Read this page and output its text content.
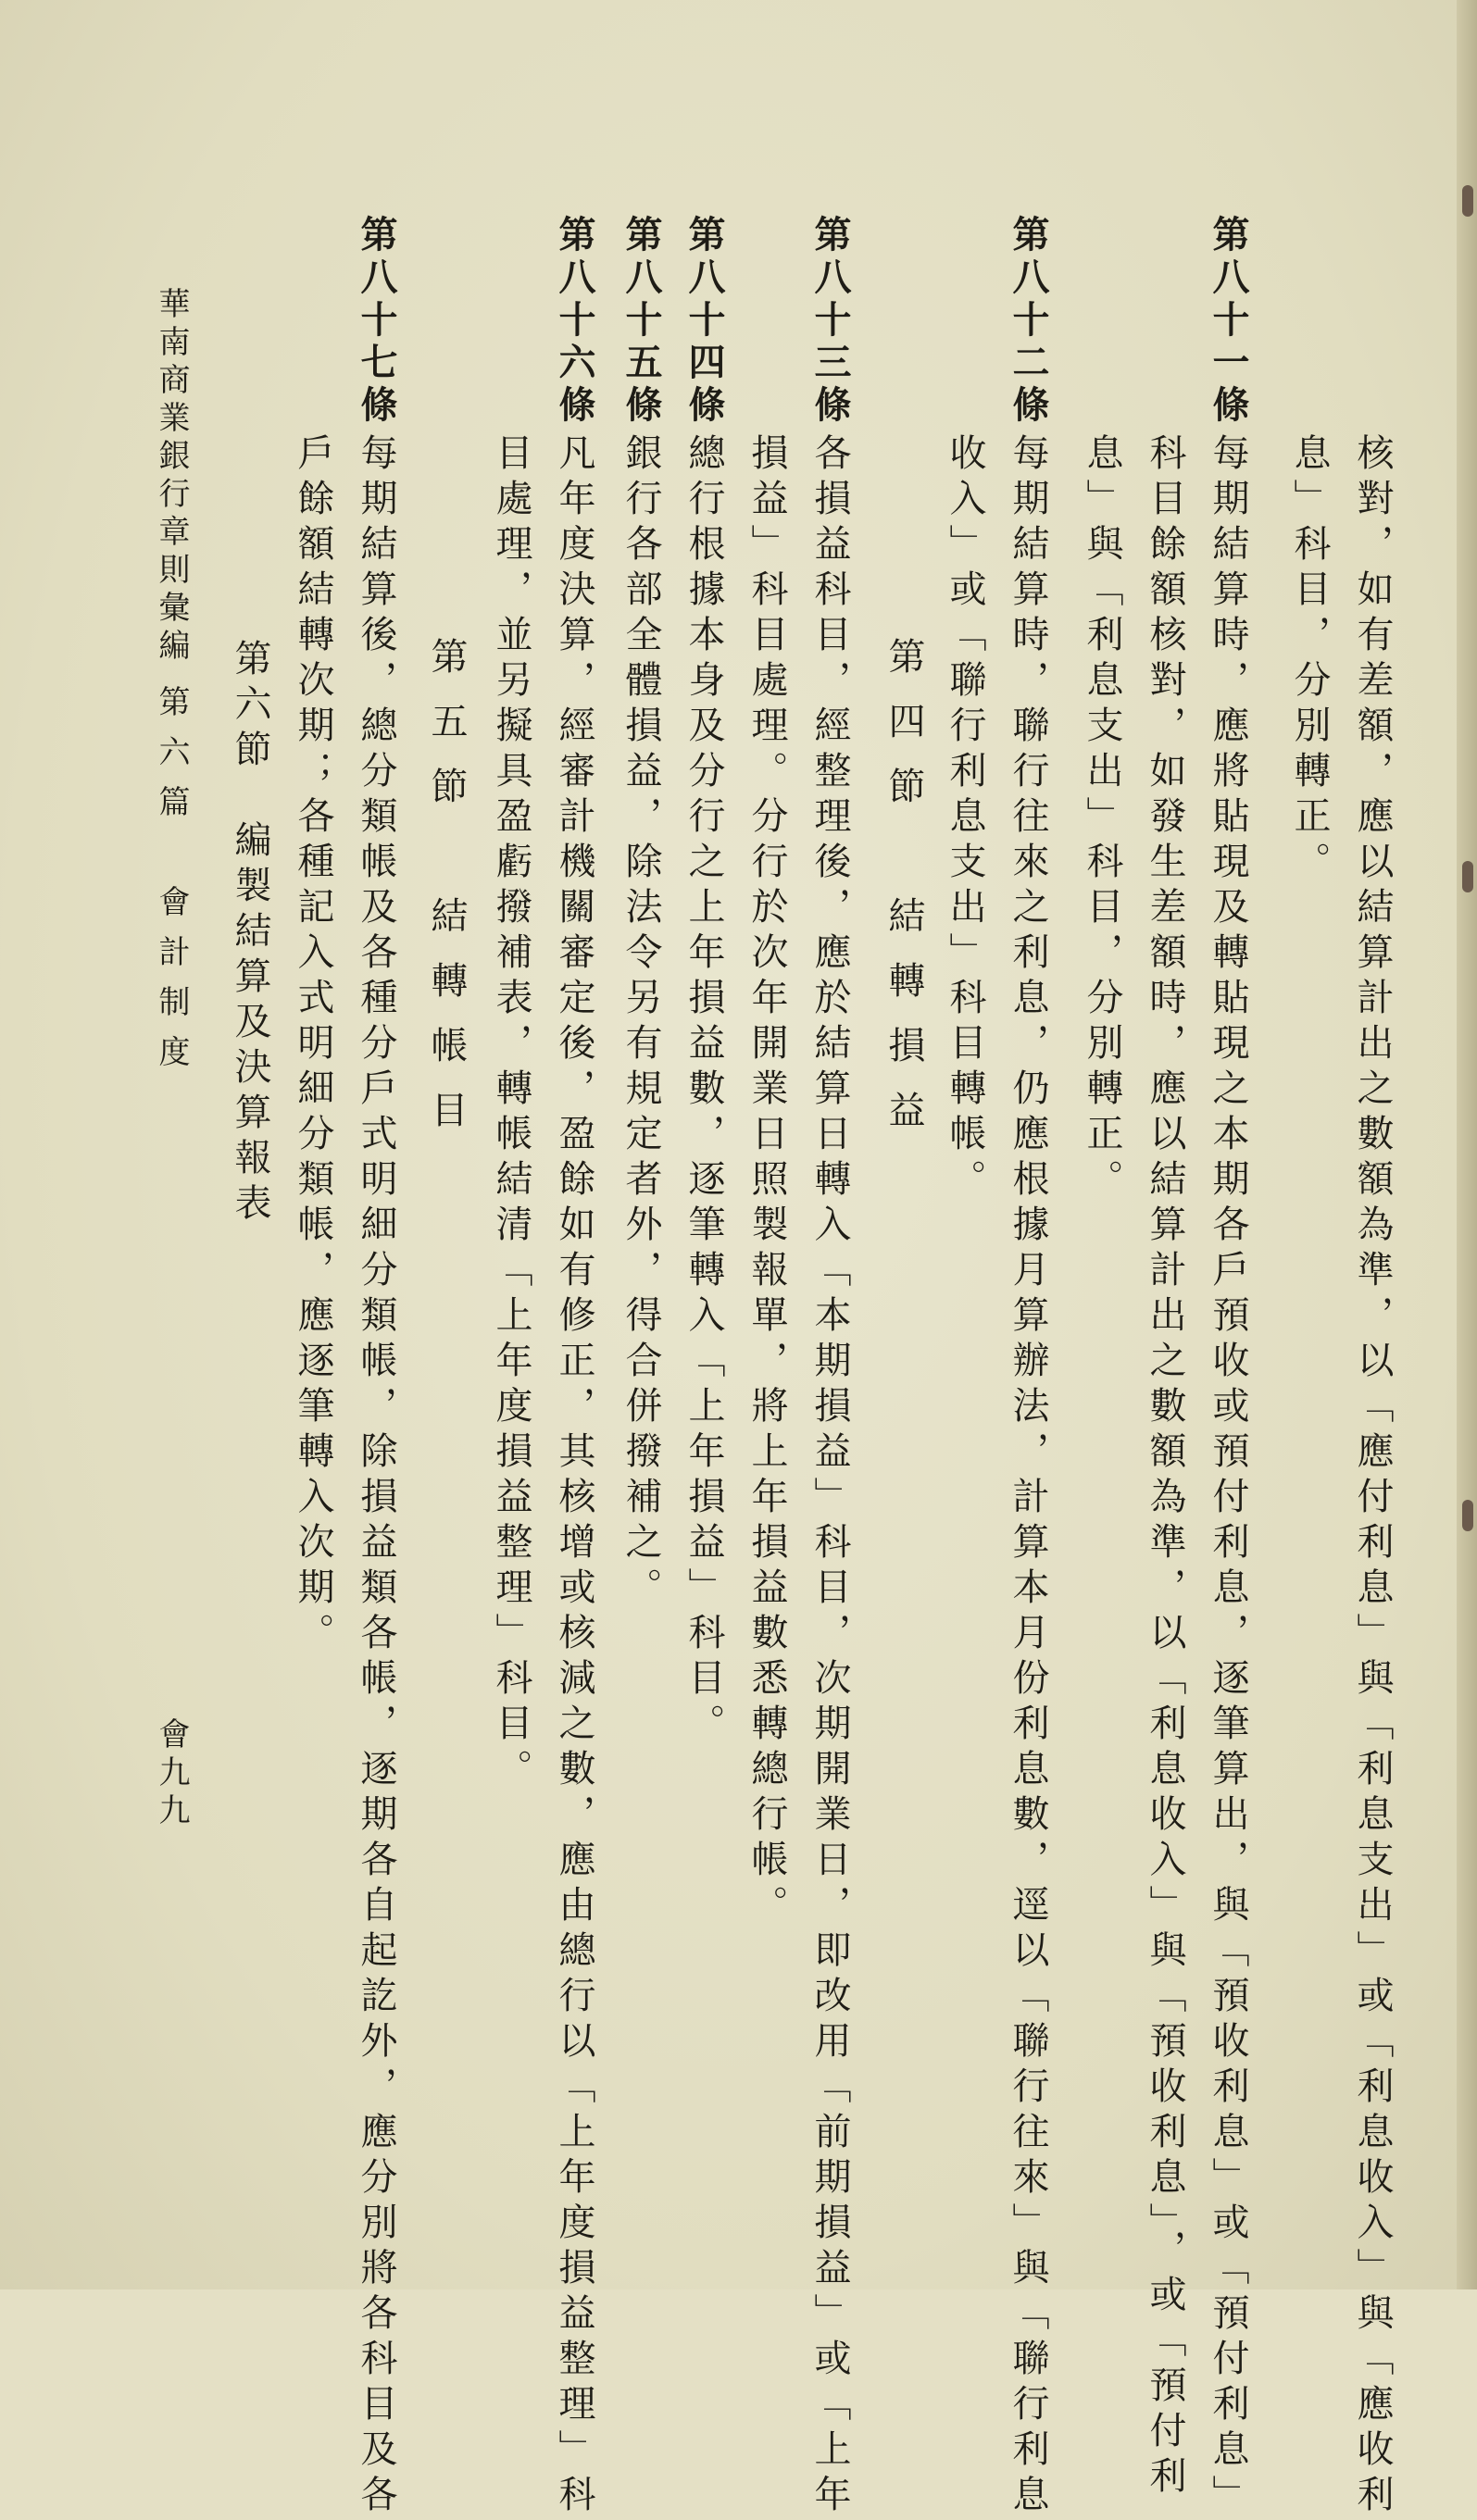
核對，如有差額，應以結算計出之數額為準，以「應付利息」與「利息支出」或「利息收入」與「應收利
息」科目，分別轉正。
第八十一條
每期結算時，應將貼現及轉貼現之本期各戶預收或預付利息，逐筆算出，與「預收利息」或「預付利息」
科目餘額核對，如發生差額時，應以結算計出之數額為準，以「利息收入」與「預收利息」，或「預付利
息」與「利息支出」科目，分別轉正。
第八十二條
每期結算時，聯行往來之利息，仍應根據月算辦法，計算本月份利息數，逕以「聯行往來」與「聯行利息
收入」或「聯行利息支出」科目轉帳。
第四節　結轉損益
第八十三條
各損益科目，經整理後，應於結算日轉入「本期損益」科目，次期開業日，即改用「前期損益」或「上年
損益」科目處理。分行於次年開業日照製報單，將上年損益數悉轉總行帳。
第八十四條
總行根據本身及分行之上年損益數，逐筆轉入「上年損益」科目。
第八十五條
銀行各部全體損益，除法令另有規定者外，得合併撥補之。
第八十六條
凡年度決算，經審計機關審定後，盈餘如有修正，其核增或核減之數，應由總行以「上年度損益整理」科
目處理，並另擬具盈虧撥補表，轉帳結清「上年度損益整理」科目。
第五節　結轉帳目
第八十七條
每期結算後，總分類帳及各種分戶式明細分類帳，除損益類各帳，逐期各自起訖外，應分別將各科目及各
戶餘額結轉次期；各種記入式明細分類帳，應逐筆轉入次期。
第六節　編製結算及決算報表
華南商業銀行章則彙編
第六篇　會計制度
會九九
